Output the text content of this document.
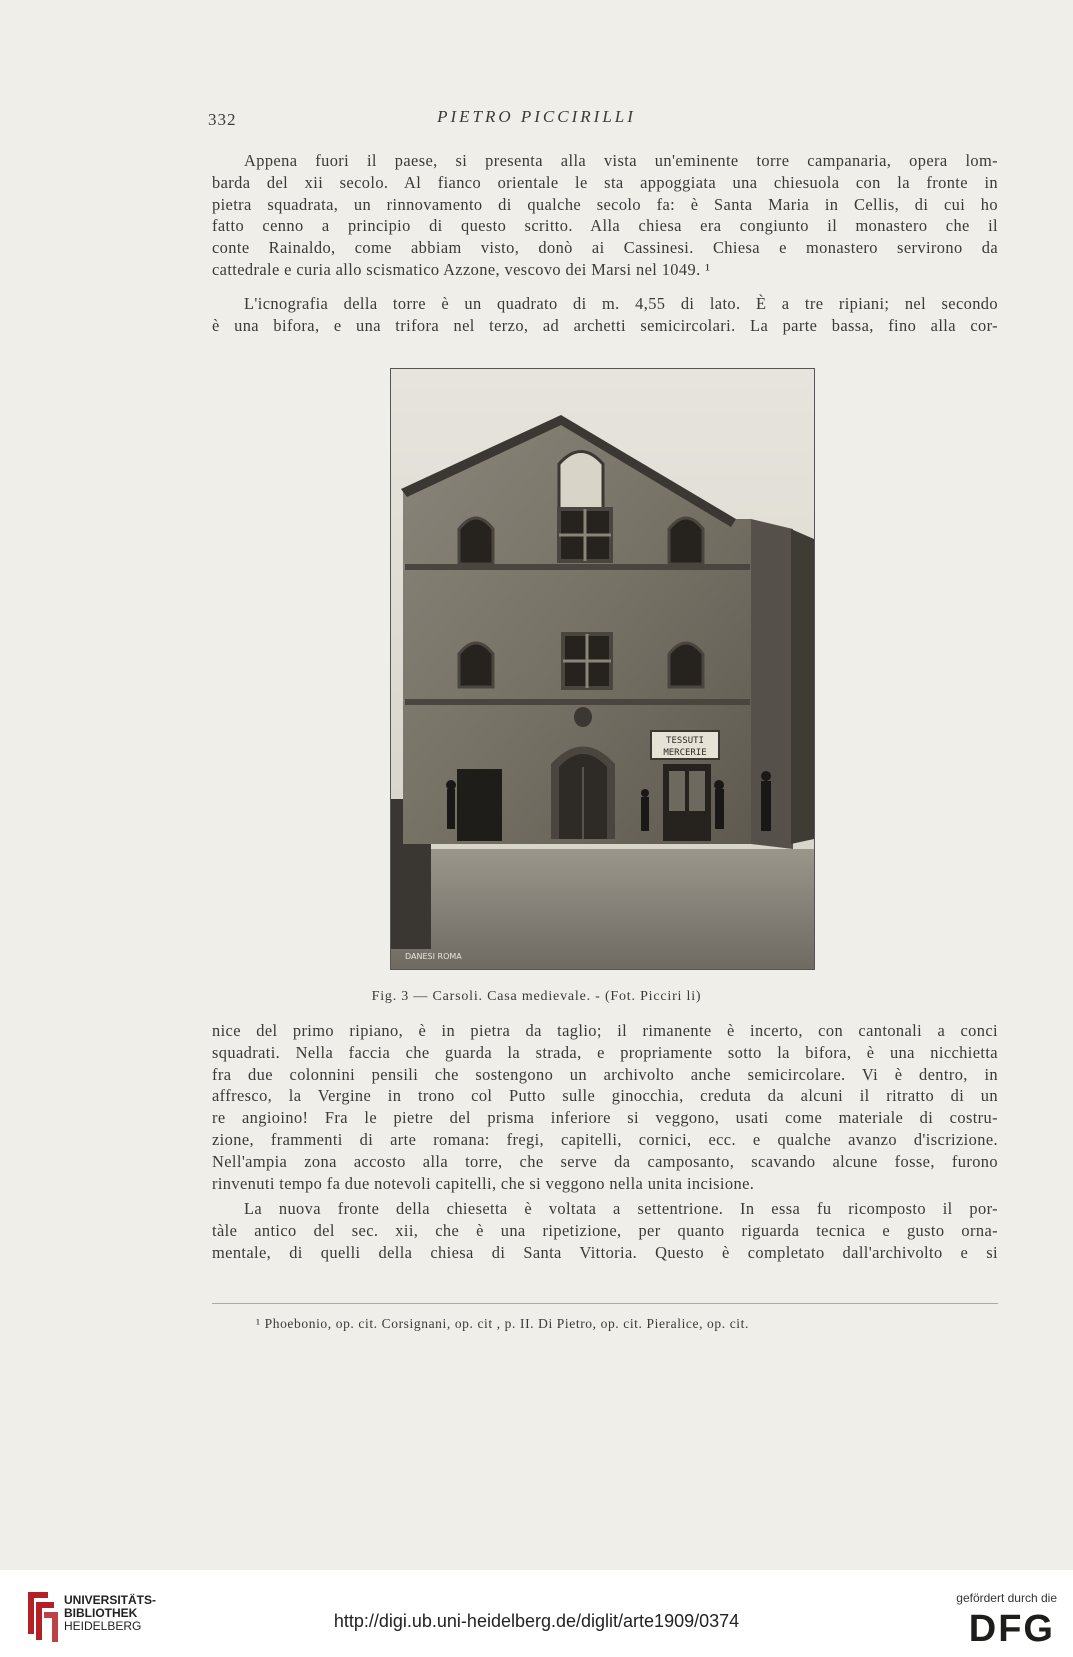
332	PIETRO PICCIRILLI
Appena fuori il paese, si presenta alla vista un'eminente torre campanaria, opera lom-
barda del xii secolo. Al fianco orientale le sta appoggiata una chiesuola con la fronte in
pietra squadrata, un rinnovamento di qualche secolo fa: è Santa Maria in Cellis, di cui ho
fatto cenno a principio di questo scritto. Alla chiesa era congiunto il monastero che il
conte Rainaldo, come abbiam visto, donò ai Cassinesi. Chiesa e monastero servirono da
cattedrale e curia allo scismatico Azzone, vescovo dei Marsi nel 1049. ¹
L'icnografia della torre è un quadrato di m. 4,55 di lato. È a tre ripiani; nel secondo
è una bifora, e una trifora nel terzo, ad archetti semicircolari. La parte bassa, fino alla cor-
TESSUTI
MERCERIE
DANESI ROMA
Fig. 3 — Carsoli. Casa medievale. - (Fot. Picciri li)
nice del primo ripiano, è in pietra da taglio; il rimanente è incerto, con cantonali a conci
squadrati. Nella faccia che guarda la strada, e propriamente sotto la bifora, è una nicchietta
fra due colonnini pensili che sostengono un archivolto anche semicircolare. Vi è dentro, in
affresco, la Vergine in trono col Putto sulle ginocchia, creduta da alcuni il ritratto di un
re angioino! Fra le pietre del prisma inferiore si veggono, usati come materiale di costru-
zione, frammenti di arte romana: fregi, capitelli, cornici, ecc. e qualche avanzo d'iscrizione.
Nell'ampia zona accosto alla torre, che serve da camposanto, scavando alcune fosse, furono
rinvenuti tempo fa due notevoli capitelli, che si veggono nella unita incisione.
La nuova fronte della chiesetta è voltata a settentrione. In essa fu ricomposto il por-
tàle antico del sec. xii, che è una ripetizione, per quanto riguarda tecnica e gusto orna-
mentale, di quelli della chiesa di Santa Vittoria. Questo è completato dall'archivolto e si
¹ Phoebonio, op. cit. Corsignani, op. cit , p. II. Di Pietro, op. cit. Pieralice, op. cit.
UNIVERSITÄTS-
BIBLIOTHEK
HEIDELBERG	http://digi.ub.uni-heidelberg.de/diglit/arte1909/0374
gefördert durch die
DFG
